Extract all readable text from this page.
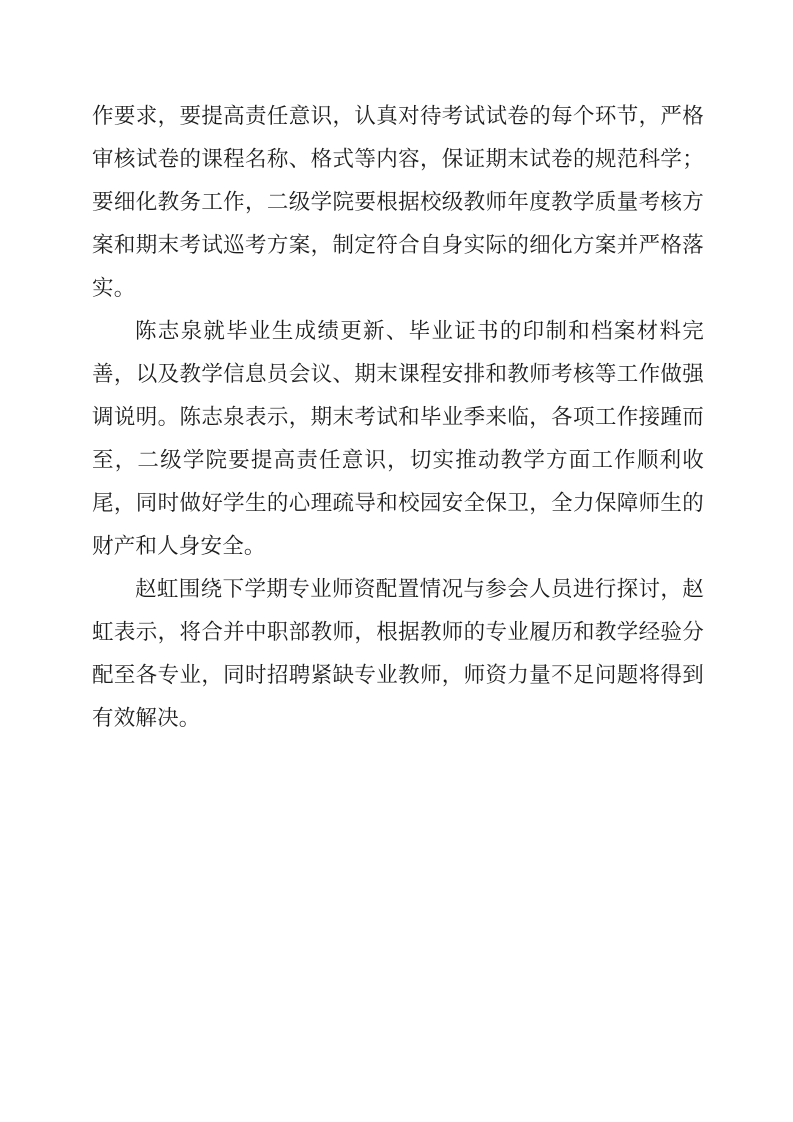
作要求，要提高责任意识，认真对待考试试卷的每个环节，严格审核试卷的课程名称、格式等内容，保证期末试卷的规范科学；要细化教务工作，二级学院要根据校级教师年度教学质量考核方案和期末考试巡考方案，制定符合自身实际的细化方案并严格落实。

陈志泉就毕业生成绩更新、毕业证书的印制和档案材料完善，以及教学信息员会议、期末课程安排和教师考核等工作做强调说明。陈志泉表示，期末考试和毕业季来临，各项工作接踵而至，二级学院要提高责任意识，切实推动教学方面工作顺利收尾，同时做好学生的心理疏导和校园安全保卫，全力保障师生的财产和人身安全。

赵虹围绕下学期专业师资配置情况与参会人员进行探讨，赵虹表示，将合并中职部教师，根据教师的专业履历和教学经验分配至各专业，同时招聘紧缺专业教师，师资力量不足问题将得到有效解决。
